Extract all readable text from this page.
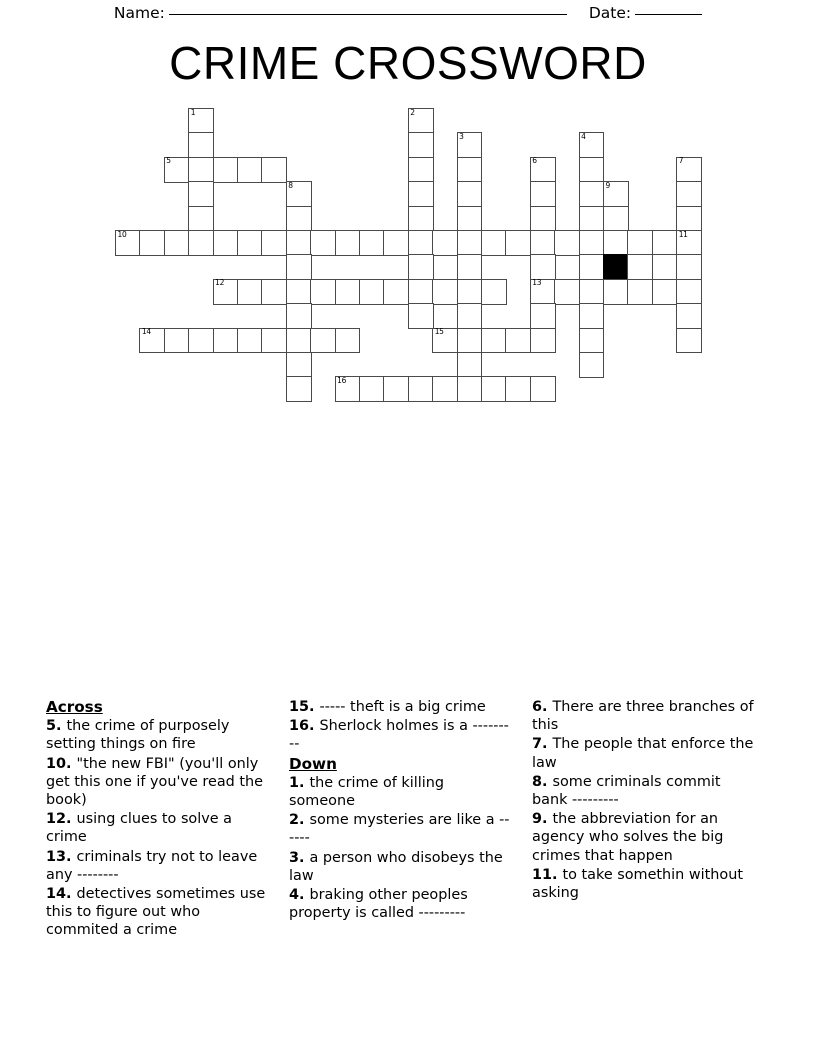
Name:	Date:
CRIME CROSSWORD
1	2
3	4
5	6	7
8	9
10	11
12	13
14	15
16
Across
5. the crime of purposely setting things on fire
10. "the new FBI" (you'll only get this one if you've read the book)
12. using clues to solve a crime
13. criminals try not to leave any --------
14. detectives sometimes use this to figure out who commited a crime
15. ----- theft is a big crime
16. Sherlock holmes is a ---------
Down
1. the crime of killing someone
2. some mysteries are like a ------
3. a person who disobeys the law
4. braking other peoples property is called ---------
6. There are three branches of this
7. The people that enforce the law
8. some criminals commit bank ---------
9. the abbreviation for an agency who solves the big crimes that happen
11. to take somethin without asking
